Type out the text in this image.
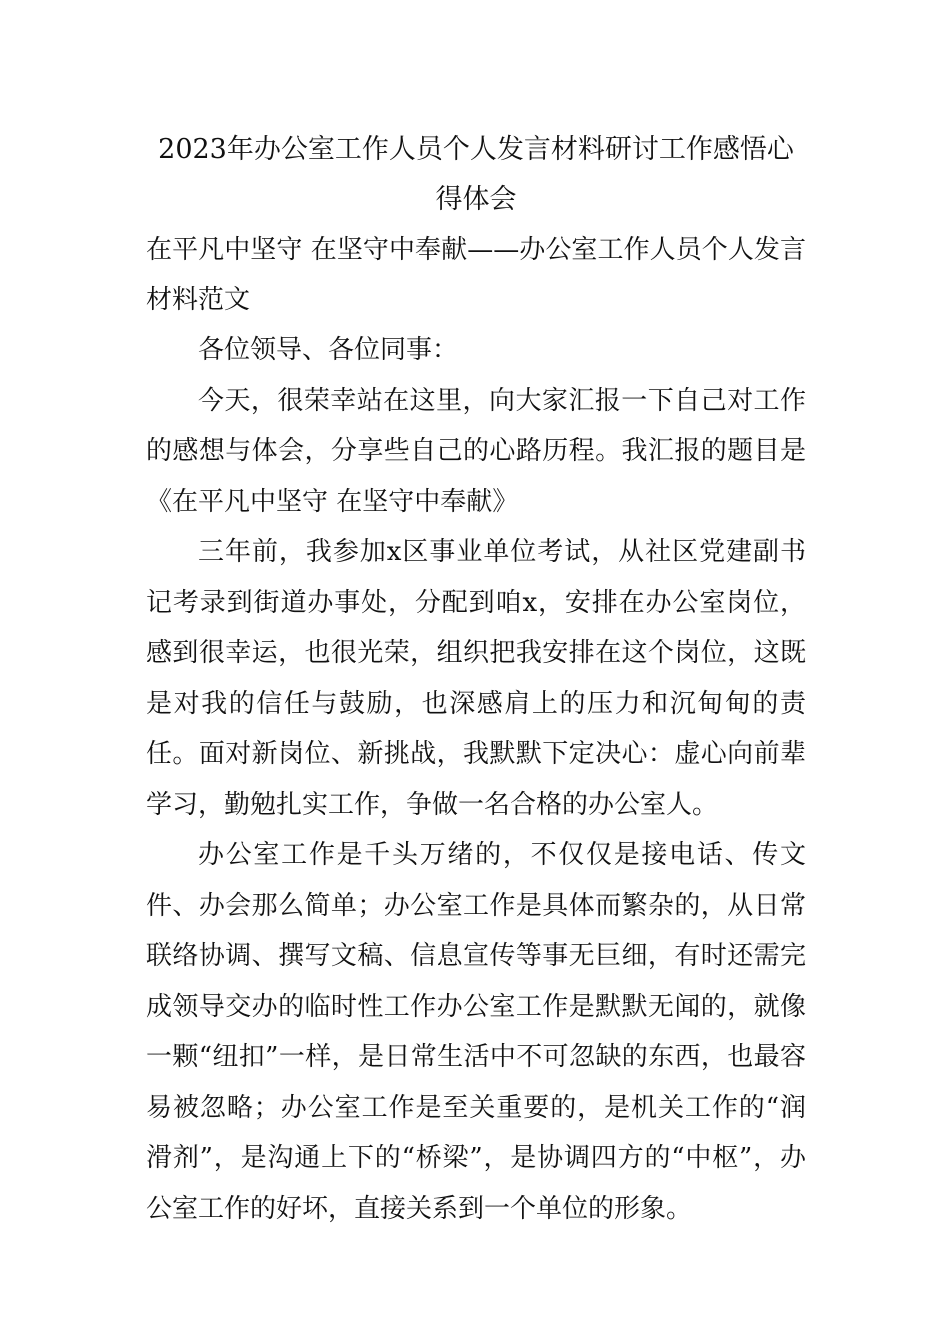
2023年办公室工作人员个人发言材料研讨工作感悟心得体会

在平凡中坚守 在坚守中奉献——办公室工作人员个人发言材料范文

各位领导、各位同事：

今天，很荣幸站在这里，向大家汇报一下自己对工作的感想与体会，分享些自己的心路历程。我汇报的题目是《在平凡中坚守 在坚守中奉献》

三年前，我参加x区事业单位考试，从社区党建副书记考录到街道办事处，分配到咱x，安排在办公室岗位，感到很幸运，也很光荣，组织把我安排在这个岗位，这既是对我的信任与鼓励，也深感肩上的压力和沉甸甸的责任。面对新岗位、新挑战，我默默下定决心：虚心向前辈学习，勤勉扎实工作，争做一名合格的办公室人。

办公室工作是千头万绪的，不仅仅是接电话、传文件、办会那么简单；办公室工作是具体而繁杂的，从日常联络协调、撰写文稿、信息宣传等事无巨细，有时还需完成领导交办的临时性工作办公室工作是默默无闻的，就像一颗“纽扣”一样，是日常生活中不可忽缺的东西，也最容易被忽略；办公室工作是至关重要的，是机关工作的“润滑剂”，是沟通上下的“桥梁”，是协调四方的“中枢”，办公室工作的好坏，直接关系到一个单位的形象。
